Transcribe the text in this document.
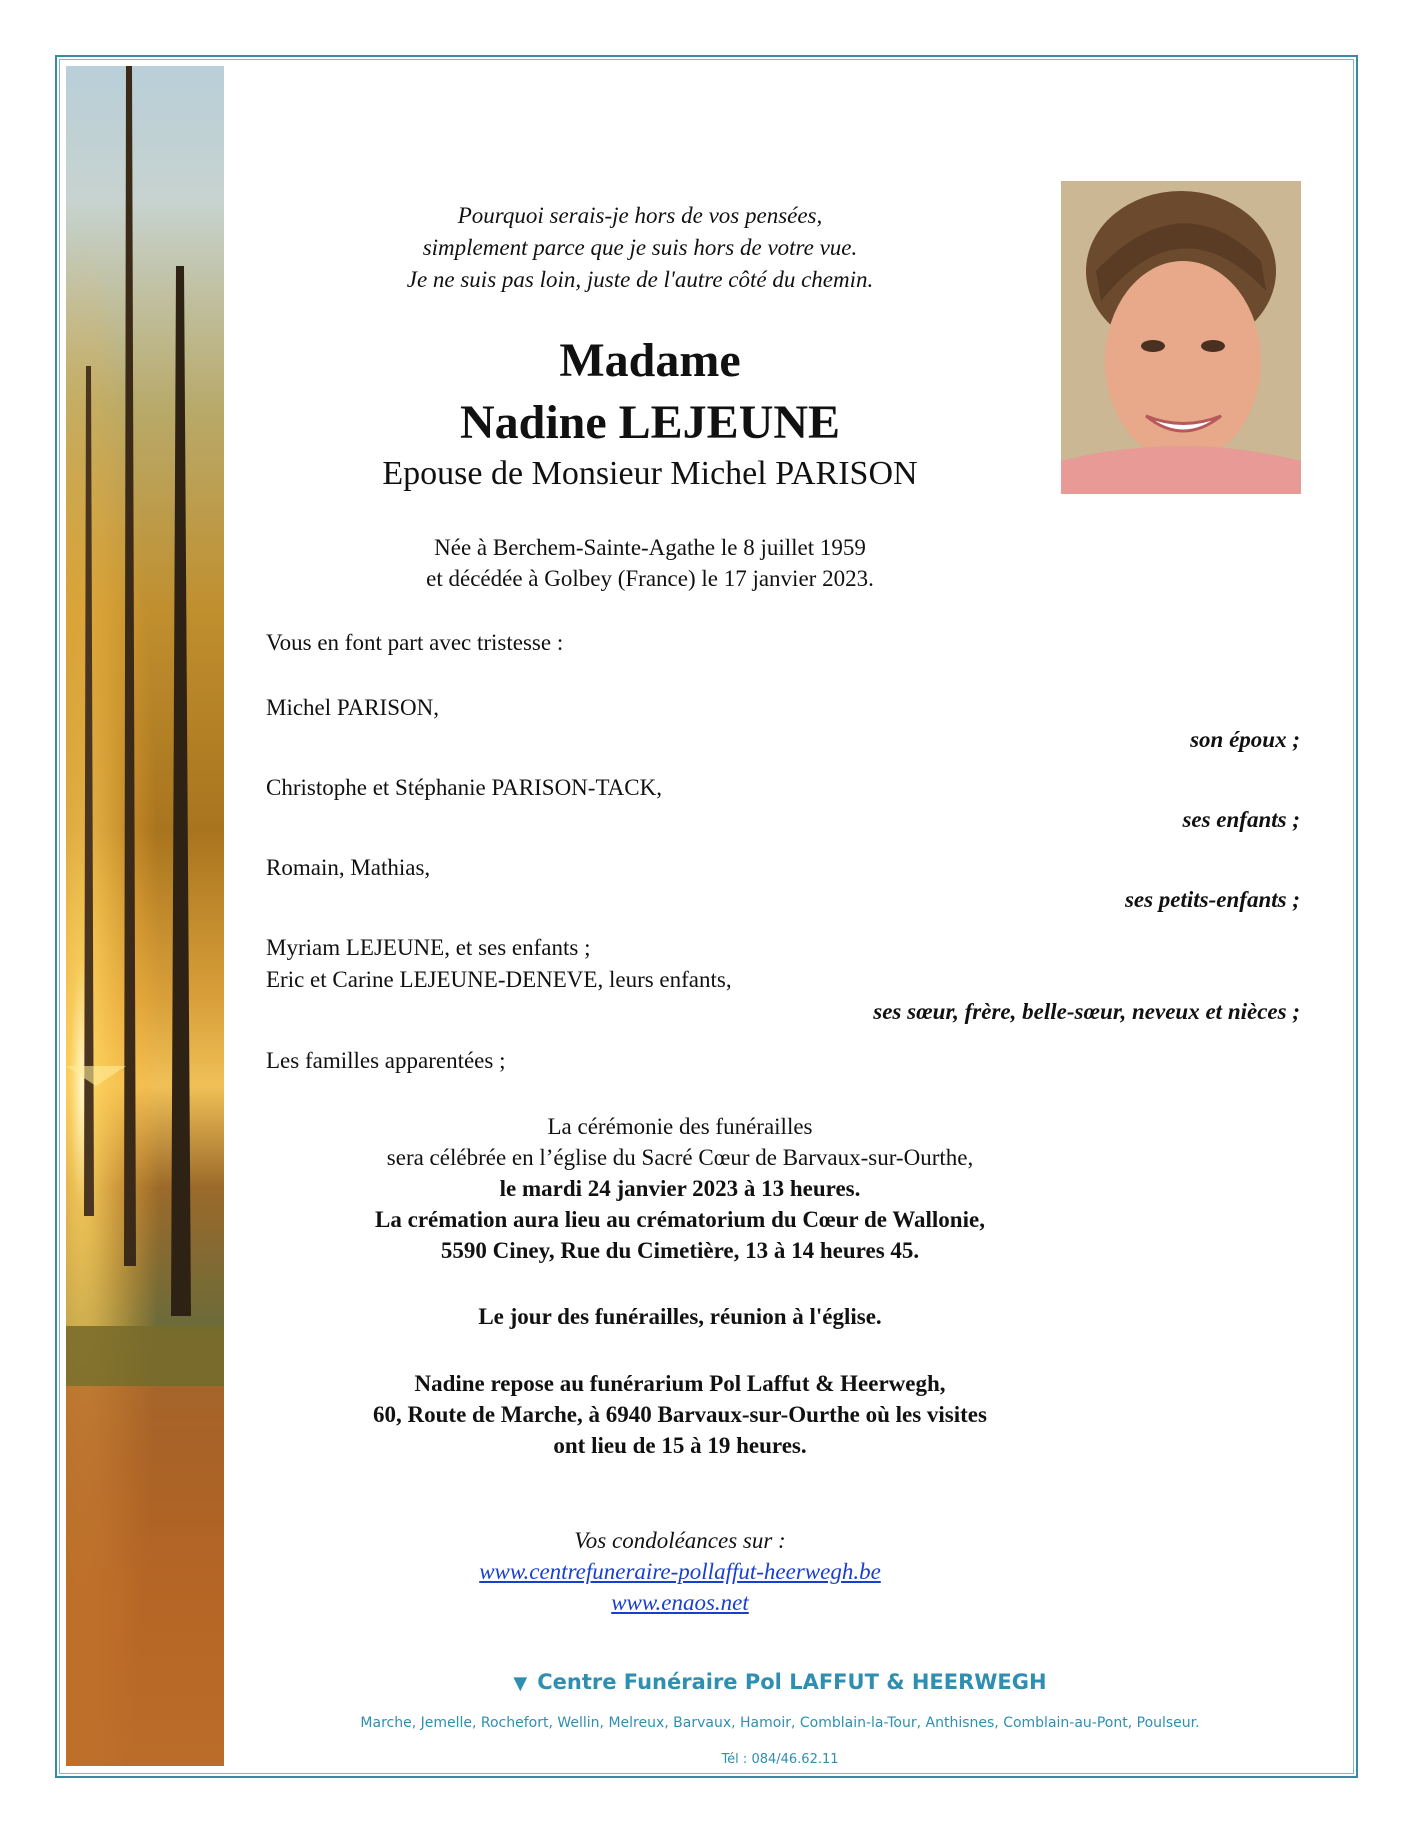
Pourquoi serais-je hors de vos pensées,
simplement parce que je suis hors de votre vue.
Je ne suis pas loin, juste de l'autre côté du chemin.
Madame
Nadine LEJEUNE
Epouse de Monsieur Michel PARISON
Née à Berchem-Sainte-Agathe le 8 juillet 1959
et décédée à Golbey (France) le 17 janvier 2023.
Vous en font part avec tristesse :
Michel PARISON,
son époux ;
Christophe et Stéphanie PARISON-TACK,
ses enfants ;
Romain, Mathias,
ses petits-enfants ;
Myriam LEJEUNE, et ses enfants ;
Eric et Carine LEJEUNE-DENEVE, leurs enfants,
ses sœur, frère, belle-sœur, neveux et nièces ;
Les familles apparentées ;
La cérémonie des funérailles
sera célébrée en l’église du Sacré Cœur de Barvaux-sur-Ourthe,
le mardi 24 janvier 2023 à 13 heures.
La crémation aura lieu au crématorium du Cœur de Wallonie,
5590 Ciney, Rue du Cimetière, 13 à 14 heures 45.
Le jour des funérailles, réunion à l'église.
Nadine repose au funérarium Pol Laffut & Heerwegh,
60, Route de Marche, à 6940 Barvaux-sur-Ourthe où les visites
ont lieu de 15 à 19 heures.
Vos condoléances sur :
www.centrefuneraire-pollaffut-heerwegh.be
www.enaos.net
▼ Centre Funéraire Pol LAFFUT & HEERWEGH
Marche, Jemelle, Rochefort, Wellin, Melreux, Barvaux, Hamoir, Comblain-la-Tour, Anthisnes, Comblain-au-Pont, Poulseur.
Tél : 084/46.62.11
